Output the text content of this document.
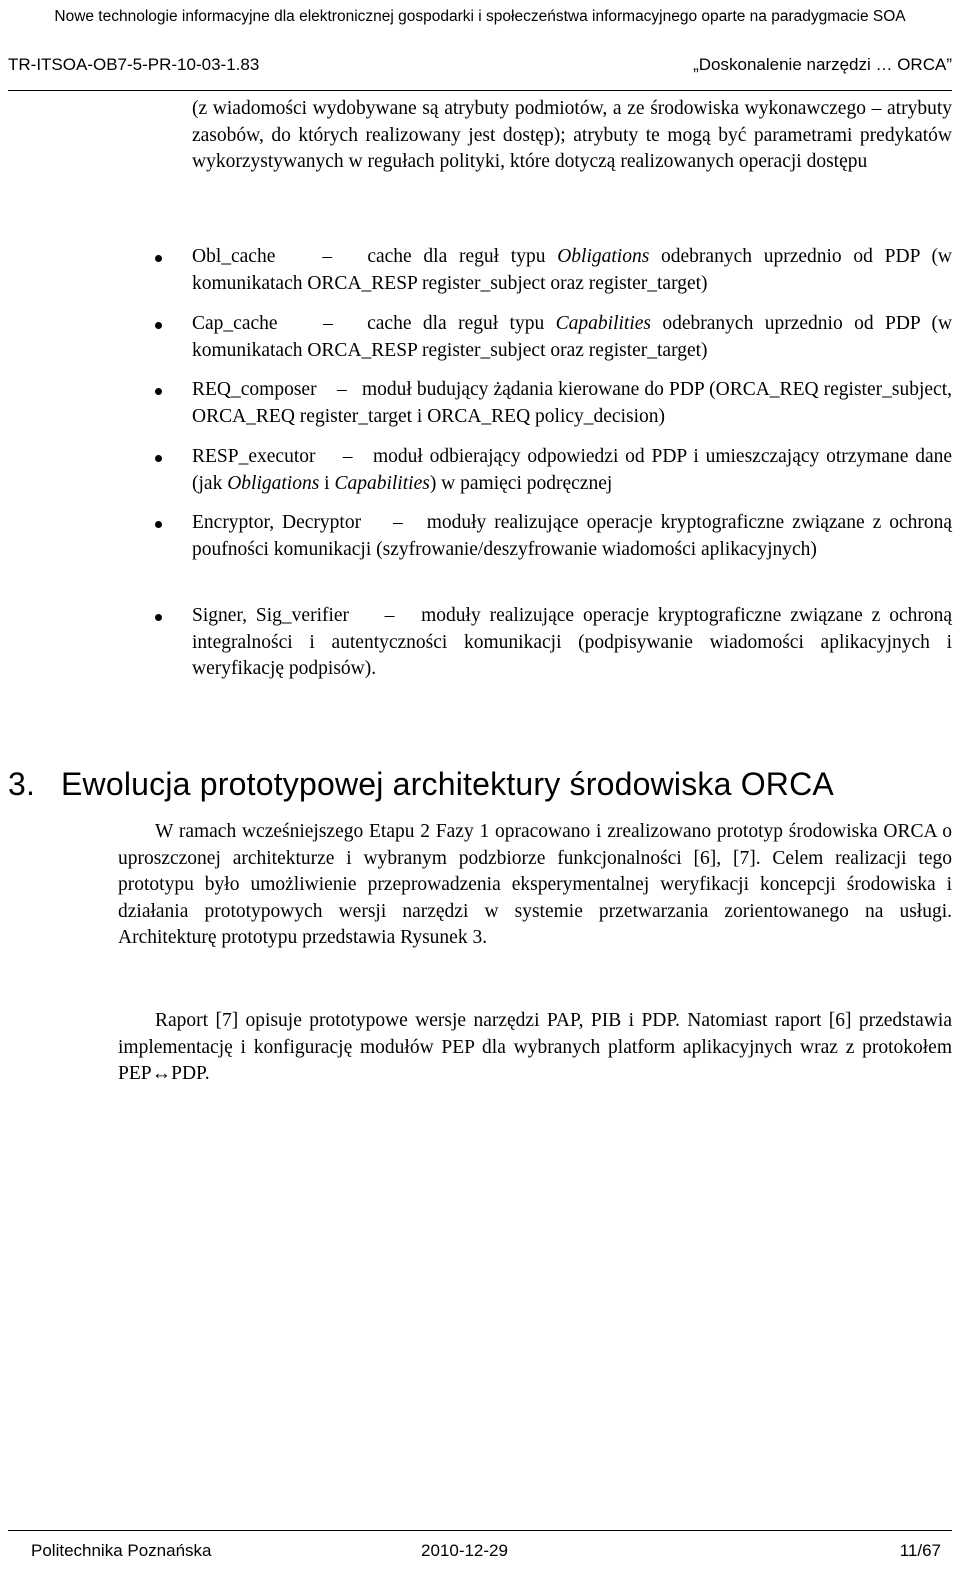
Nowe technologie informacyjne dla elektronicznej gospodarki i społeczeństwa informacyjnego oparte na paradygmacie SOA
TR-ITSOA-OB7-5-PR-10-03-1.83	„Doskonalenie narzędzi … ORCA”
(z wiadomości wydobywane są atrybuty podmiotów, a ze środowiska wykonawczego – atrybuty zasobów, do których realizowany jest dostęp); atrybuty te mogą być parametrami predykatów wykorzystywanych w regułach polityki, które dotyczą realizowanych operacji dostępu
Obl_cache – cache dla reguł typu Obligations odebranych uprzednio od PDP (w komunikatach ORCA_RESP register_subject oraz register_target)
Cap_cache – cache dla reguł typu Capabilities odebranych uprzednio od PDP (w komunikatach ORCA_RESP register_subject oraz register_target)
REQ_composer – moduł budujący żądania kierowane do PDP (ORCA_REQ register_subject, ORCA_REQ register_target i ORCA_REQ policy_decision)
RESP_executor – moduł odbierający odpowiedzi od PDP i umieszczający otrzymane dane (jak Obligations i Capabilities) w pamięci podręcznej
Encryptor, Decryptor – moduły realizujące operacje kryptograficzne związane z ochroną poufności komunikacji (szyfrowanie/deszyfrowanie wiadomości aplikacyjnych)
Signer, Sig_verifier – moduły realizujące operacje kryptograficzne związane z ochroną integralności i autentyczności komunikacji (podpisywanie wiadomości aplikacyjnych i weryfikację podpisów).
3. Ewolucja prototypowej architektury środowiska ORCA
W ramach wcześniejszego Etapu 2 Fazy 1 opracowano i zrealizowano prototyp środowiska ORCA o uproszczonej architekturze i wybranym podzbiorze funkcjonalności [6], [7]. Celem realizacji tego prototypu było umożliwienie przeprowadzenia eksperymentalnej weryfikacji koncepcji środowiska i działania prototypowych wersji narzędzi w systemie przetwarzania zorientowanego na usługi. Architekturę prototypu przedstawia Rysunek 3.
Raport [7] opisuje prototypowe wersje narzędzi PAP, PIB i PDP. Natomiast raport [6] przedstawia implementację i konfigurację modułów PEP dla wybranych platform aplikacyjnych wraz z protokołem PEP↔PDP.
Politechnika Poznańska	2010-12-29	11/67
